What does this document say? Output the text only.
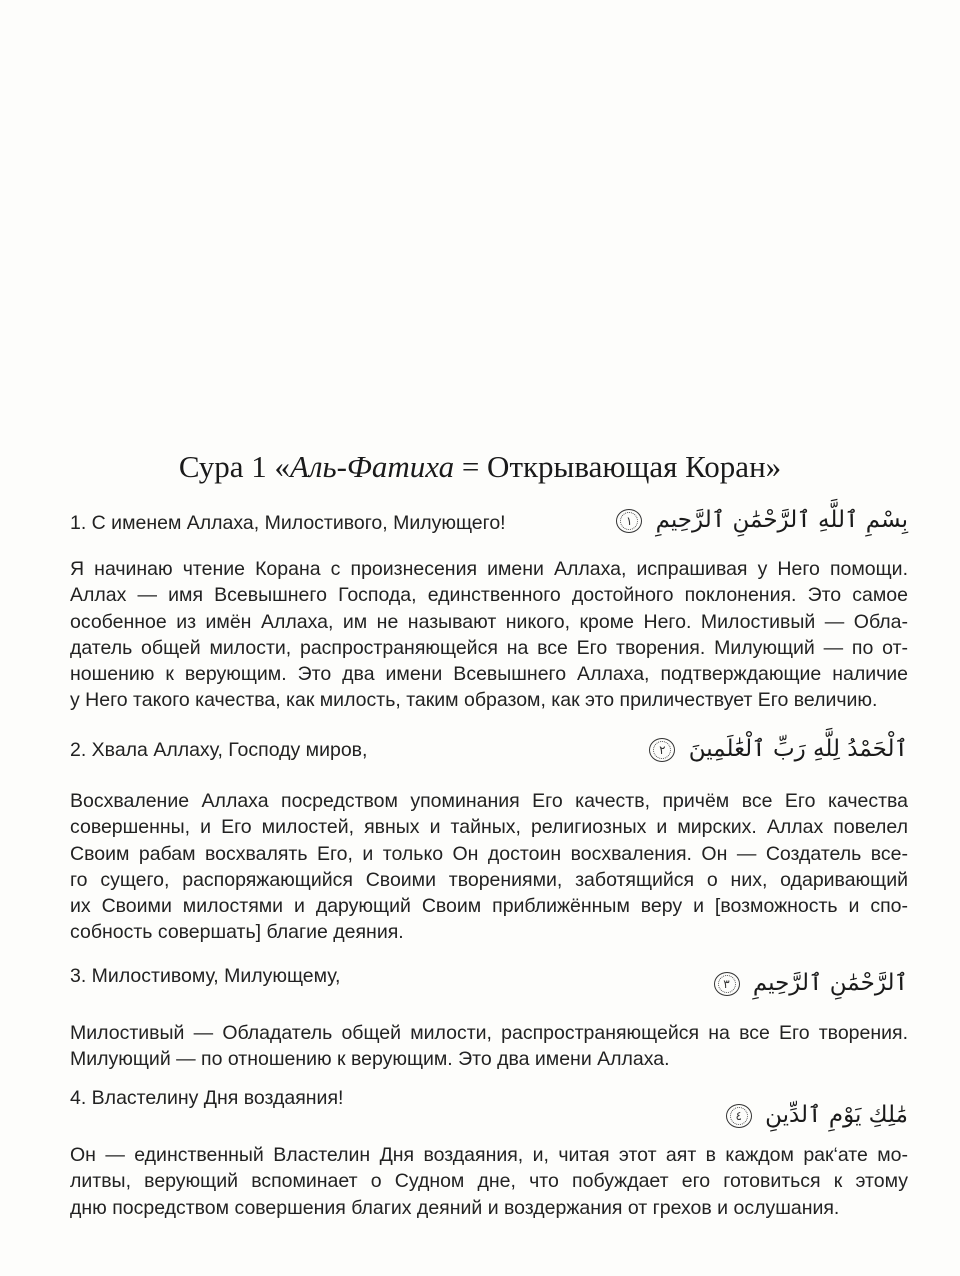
Сура 1 «Аль-Фатиха = Открывающая Коран»
1. С именем Аллаха, Милостивого, Милующего!	بِسْمِ ٱللَّهِ ٱلرَّحْمَٰنِ ٱلرَّحِيمِ ١
Я начинаю чтение Корана с произнесения имени Аллаха, испрашивая у Него помощи.
Аллах — имя Всевышнего Господа, единственного достойного поклонения. Это самое
особенное из имён Аллаха, им не называют никого, кроме Него. Милостивый — Обла-
датель общей милости, распространяющейся на все Его творения. Милующий — по от-
ношению к верующим. Это два имени Всевышнего Аллаха, подтверждающие наличие
у Него такого качества, как милость, таким образом, как это приличествует Его величию.
2. Хвала Аллаху, Господу миров,	ٱلْحَمْدُ لِلَّهِ رَبِّ ٱلْعَٰلَمِينَ ٢
Восхваление Аллаха посредством упоминания Его качеств, причём все Его качества
совершенны, и Его милостей, явных и тайных, религиозных и мирских. Аллах повелел
Своим рабам восхвалять Его, и только Он достоин восхваления. Он — Создатель все-
го сущего, распоряжающийся Своими творениями, заботящийся о них, одаривающий
их Своими милостями и дарующий Своим приближённым веру и [возможность и спо-
собность совершать] благие деяния.
3. Милостивому, Милующему,	ٱلرَّحْمَٰنِ ٱلرَّحِيمِ ٣
Милостивый — Обладатель общей милости, распространяющейся на все Его творения.
Милующий — по отношению к верующим. Это два имени Аллаха.
4. Властелину Дня воздаяния!
مَٰلِكِ يَوْمِ ٱلدِّينِ ٤
Он — единственный Властелин Дня воздаяния, и, читая этот аят в каждом рак‘ате мо-
литвы, верующий вспоминает о Судном дне, что побуждает его готовиться к этому
дню посредством совершения благих деяний и воздержания от грехов и ослушания.
